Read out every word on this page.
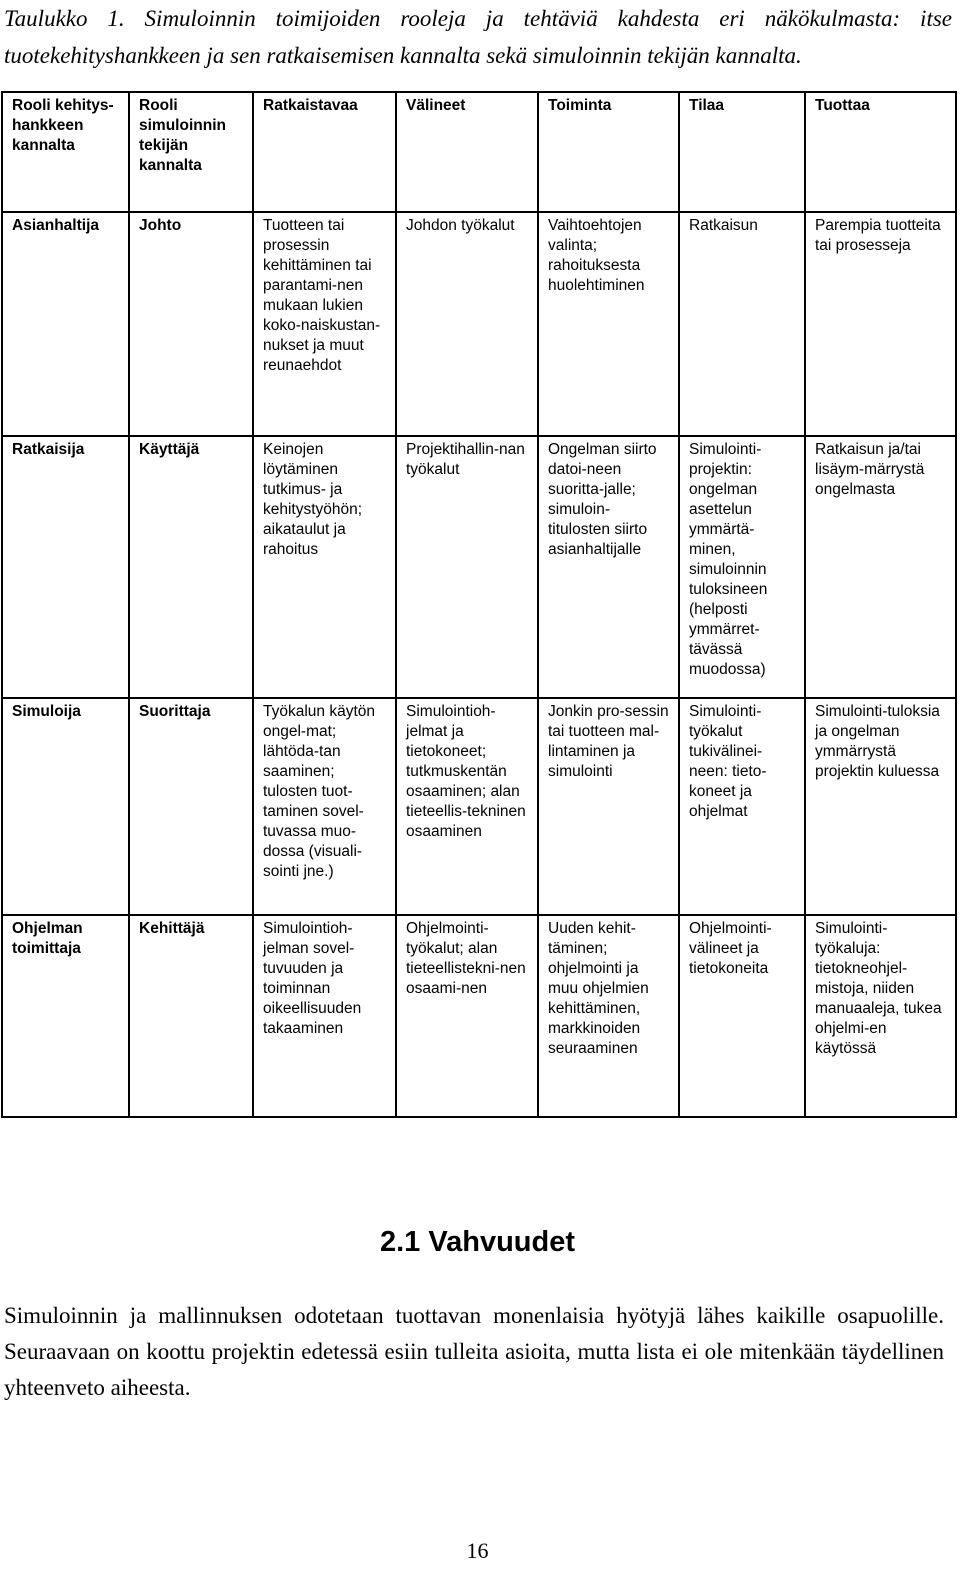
Taulukko 1. Simuloinnin toimijoiden rooleja ja tehtäviä kahdesta eri näkökulmasta: itse tuotekehityshankkeen ja sen ratkaisemisen kannalta sekä simuloinnin tekijän kannalta.
Rooli kehitys-hankkeen kannalta	Rooli simuloinnin tekijän kannalta	Ratkaistavaa	Välineet	Toiminta	Tilaa	Tuottaa
Asianhaltija	Johto	Tuotteen tai prosessin kehittäminen tai parantami-nen mukaan lukien koko-naiskustan-nukset ja muut reunaehdot	Johdon työkalut	Vaihtoehtojen valinta; rahoituksesta huolehtiminen	Ratkaisun	Parempia tuotteita tai prosesseja
Ratkaisija	Käyttäjä	Keinojen löytäminen tutkimus- ja kehitystyöhön; aikataulut ja rahoitus	Projektihallin-nan työkalut	Ongelman siirto datoi-neen suoritta-jalle; simuloin-titulosten siirto asianhaltijalle	Simulointi-projektin: ongelman asettelun ymmärtä-minen, simuloinnin tuloksineen (helposti ymmärret-tävässä muodossa)	Ratkaisun ja/tai lisäym-märrystä ongelmasta
Simuloija	Suorittaja	Työkalun käytön ongel-mat; lähtöda-tan saaminen; tulosten tuot-taminen sovel-tuvassa muo-dossa (visuali-sointi jne.)	Simulointioh-jelmat ja tietokoneet; tutkmuskentän osaaminen; alan tieteellis-tekninen osaaminen	Jonkin pro-sessin tai tuotteen mal-lintaminen ja simulointi	Simulointi-työkalut tukivälinei-neen: tieto-koneet ja ohjelmat	Simulointi-tuloksia ja ongelman ymmärrystä projektin kuluessa
Ohjelman toimittaja	Kehittäjä	Simulointioh-jelman sovel-tuvuuden ja toiminnan oikeellisuuden takaaminen	Ohjelmointi-työkalut; alan tieteellistekni-nen osaami-nen	Uuden kehit-täminen; ohjelmointi ja muu ohjelmien kehittäminen, markkinoiden seuraaminen	Ohjelmointi-välineet ja tietokoneita	Simulointi-työkaluja: tietokneohjel-mistoja, niiden manuaaleja, tukea ohjelmi-en käytössä
2.1 Vahvuudet
Simuloinnin ja mallinnuksen odotetaan tuottavan monenlaisia hyötyjä lähes kaikille osapuolille. Seuraavaan on koottu projektin edetessä esiin tulleita asioita, mutta lista ei ole mitenkään täydellinen yhteenveto aiheesta.
16
